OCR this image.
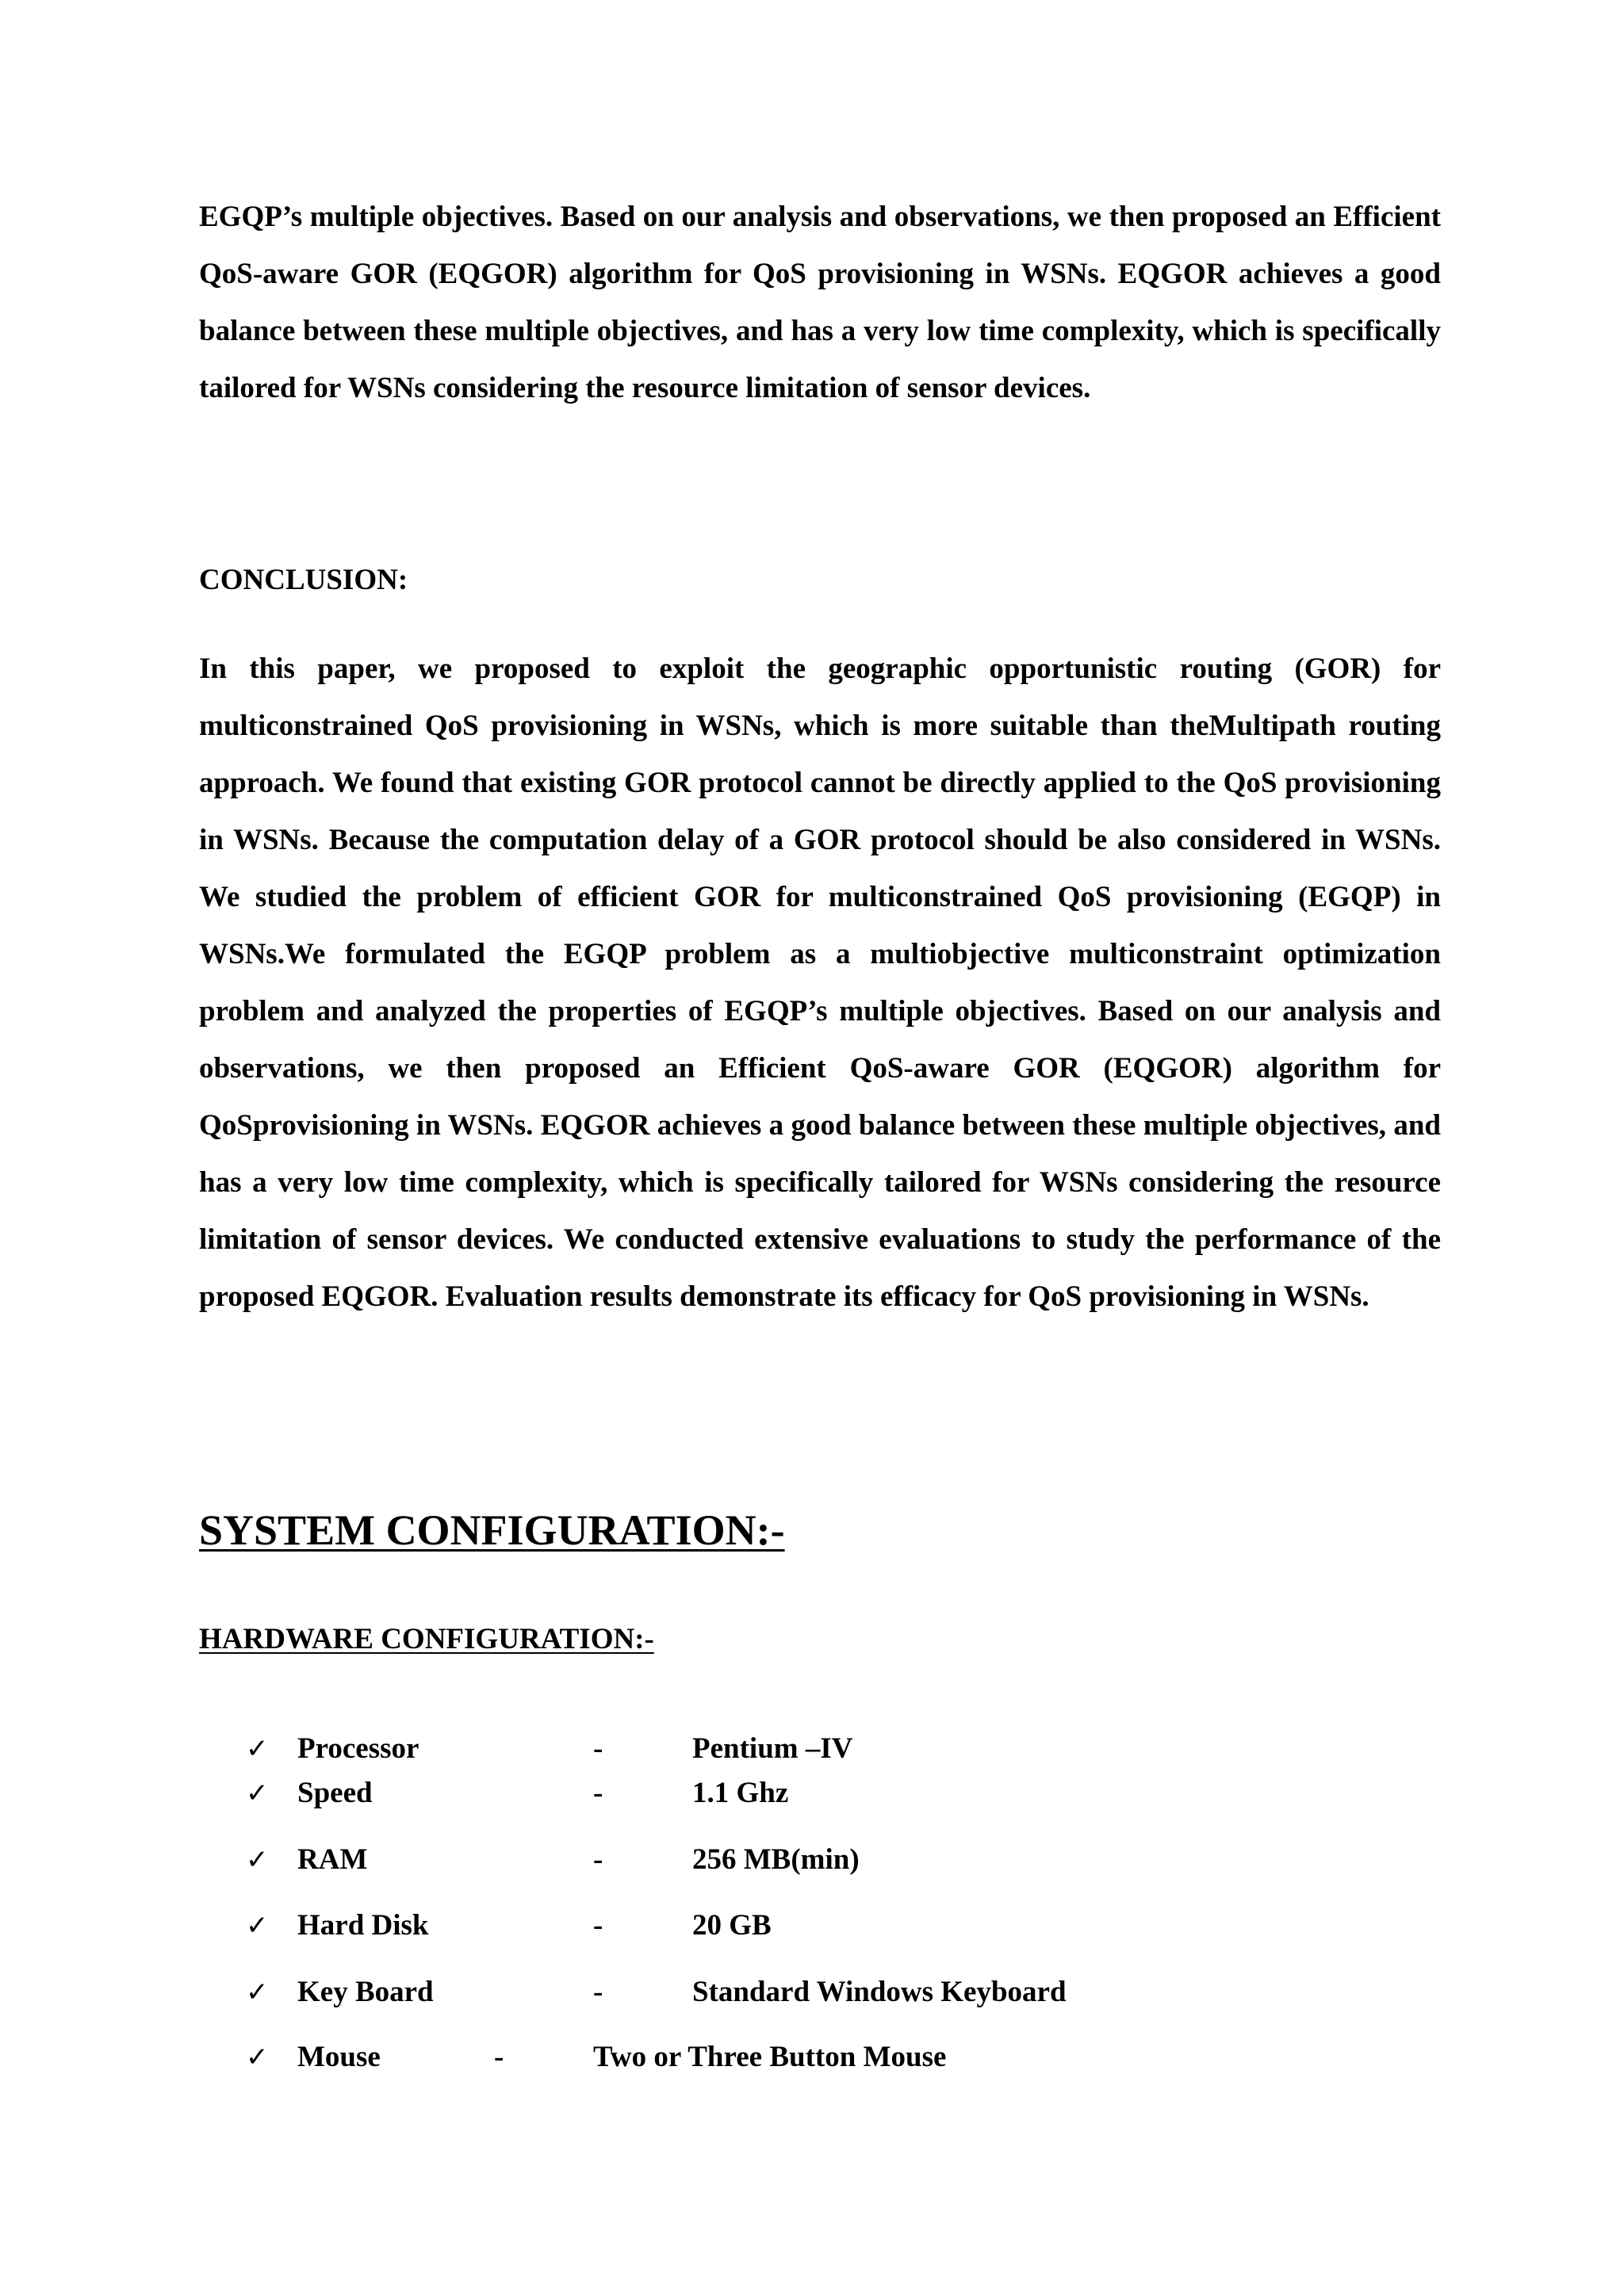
EGQP’s multiple objectives. Based on our analysis and observations, we then proposed an Efficient QoS-aware GOR (EQGOR) algorithm for QoS provisioning in WSNs. EQGOR achieves a good balance between these multiple objectives, and has a very low time complexity, which is specifically tailored for WSNs considering the resource limitation of sensor devices.

CONCLUSION:

In this paper, we proposed to exploit the geographic opportunistic routing (GOR) for multiconstrained QoS provisioning in WSNs, which is more suitable than theMultipath routing approach. We found that existing GOR protocol cannot be directly applied to the QoS provisioning in WSNs. Because the computation delay of a GOR protocol should be also considered in WSNs. We studied the problem of efficient GOR for multiconstrained QoS provisioning (EGQP) in WSNs.We formulated the EGQP problem as a multiobjective multiconstraint optimization problem and analyzed the properties of EGQP’s multiple objectives. Based on our analysis and observations, we then proposed an Efficient QoS-aware GOR (EQGOR) algorithm for QoSprovisioning in WSNs. EQGOR achieves a good balance between these multiple objectives, and has a very low time complexity, which is specifically tailored for WSNs considering the resource limitation of sensor devices. We conducted extensive evaluations to study the performance of the proposed EQGOR. Evaluation results demonstrate its efficacy for QoS provisioning in WSNs.

SYSTEM CONFIGURATION:-
HARDWARE CONFIGURATION:-
✓ Processor	-	Pentium –IV
✓ Speed	-	1.1 Ghz
✓ RAM	-	256 MB(min)
✓ Hard Disk	-	20 GB
✓ Key Board	-	Standard Windows Keyboard
✓ Mouse	-	Two or Three Button Mouse
